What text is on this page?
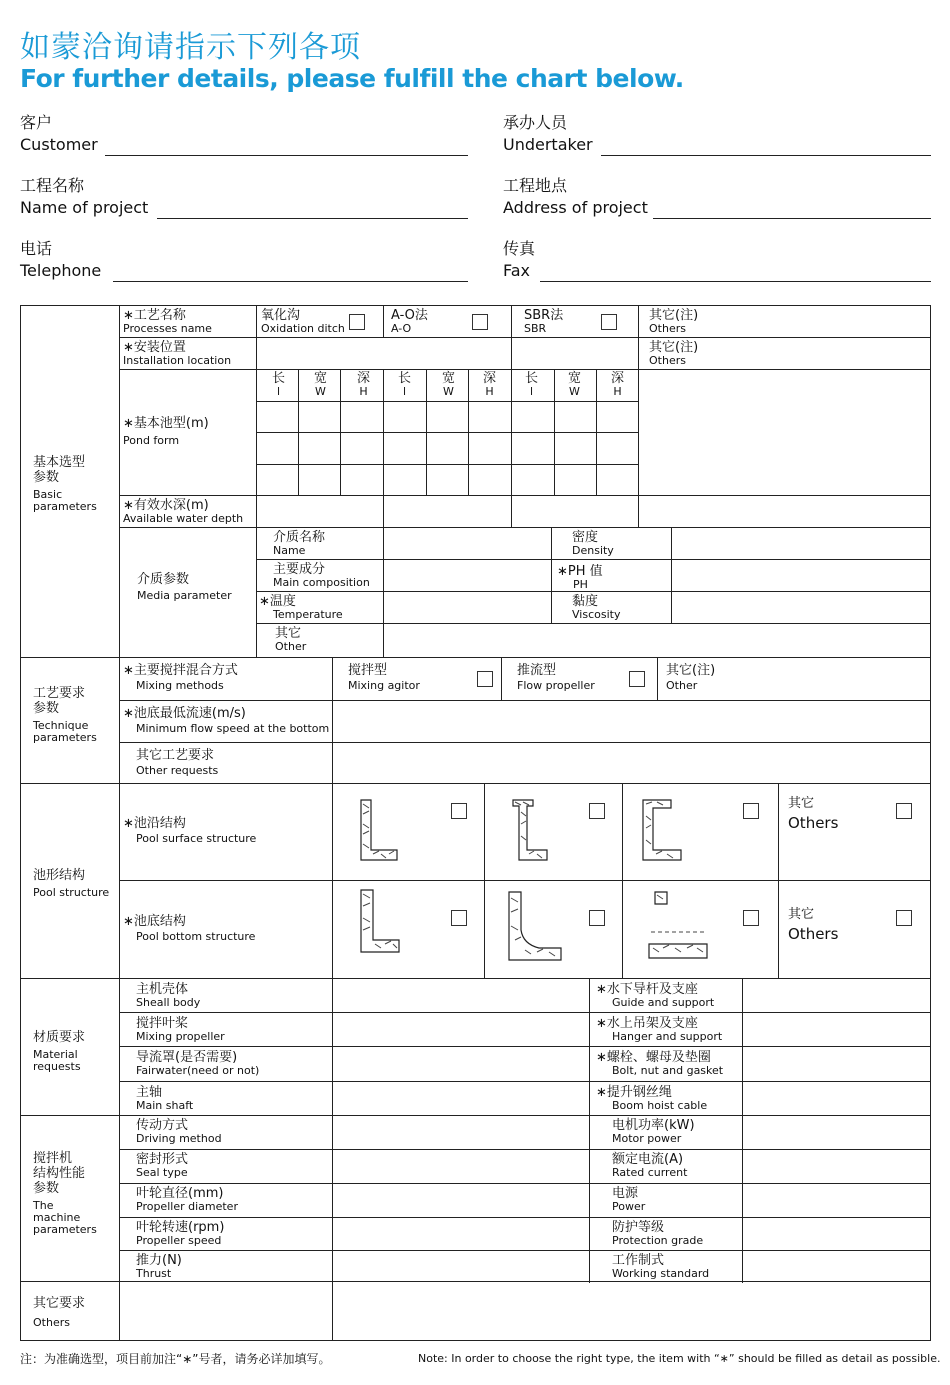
如蒙洽询请指示下列各项
For further details, please fulfill the chart below.
客户
Customer
承办人员
Undertaker
工程名称
Name of project
工程地点
Address of project
电话
Telephone
传真
Fax
基本选型
参数
Basic
parameters
∗工艺名称
Processes name
氧化沟
Oxidation ditch
A-O法
A-O
SBR法
SBR
其它(注)
Others
∗安装位置
Installation location
其它(注)
Others
长
l
宽
W
深
H
长
l
宽
W
深
H
长
l
宽
W
深
H
∗基本池型(m)
Pond form
∗有效水深(m)
Available water depth
介质参数
Media parameter
介质名称
Name
密度
Density
主要成分
Main composition
∗PH 值
PH
∗温度
Temperature
黏度
Viscosity
其它
Other
工艺要求
参数
Technique
parameters
∗主要搅拌混合方式
Mixing methods
搅拌型
Mixing agitor
推流型
Flow propeller
其它(注)
Other
∗池底最低流速(m/s)
Minimum flow speed at the bottom
其它工艺要求
Other requests
池形结构
Pool structure
∗池沿结构
Pool surface structure
∗池底结构
Pool bottom structure
其它
Others
其它
Others
材质要求
Material
requests
主机壳体
Sheall body
搅拌叶桨
Mixing propeller
导流罩(是否需要)
Fairwater(need or not)
主轴
Main shaft
∗水下导杆及支座
Guide and support
∗水上吊架及支座
Hanger and support
∗螺栓、螺母及垫圈
Bolt, nut and gasket
∗提升钢丝绳
Boom hoist cable
搅拌机
结构性能
参数
The
machine
parameters
传动方式
Driving method
密封形式
Seal type
叶轮直径(mm)
Propeller diameter
叶轮转速(rpm)
Propeller speed
推力(N)
Thrust
电机功率(kW)
Motor power
额定电流(A)
Rated current
电源
Power
防护等级
Protection grade
工作制式
Working standard
其它要求
Others
注：为准确选型，项目前加注“∗”号者，请务必详加填写。	Note: In order to choose the right type, the item with “∗” should be filled as detail as possible.
